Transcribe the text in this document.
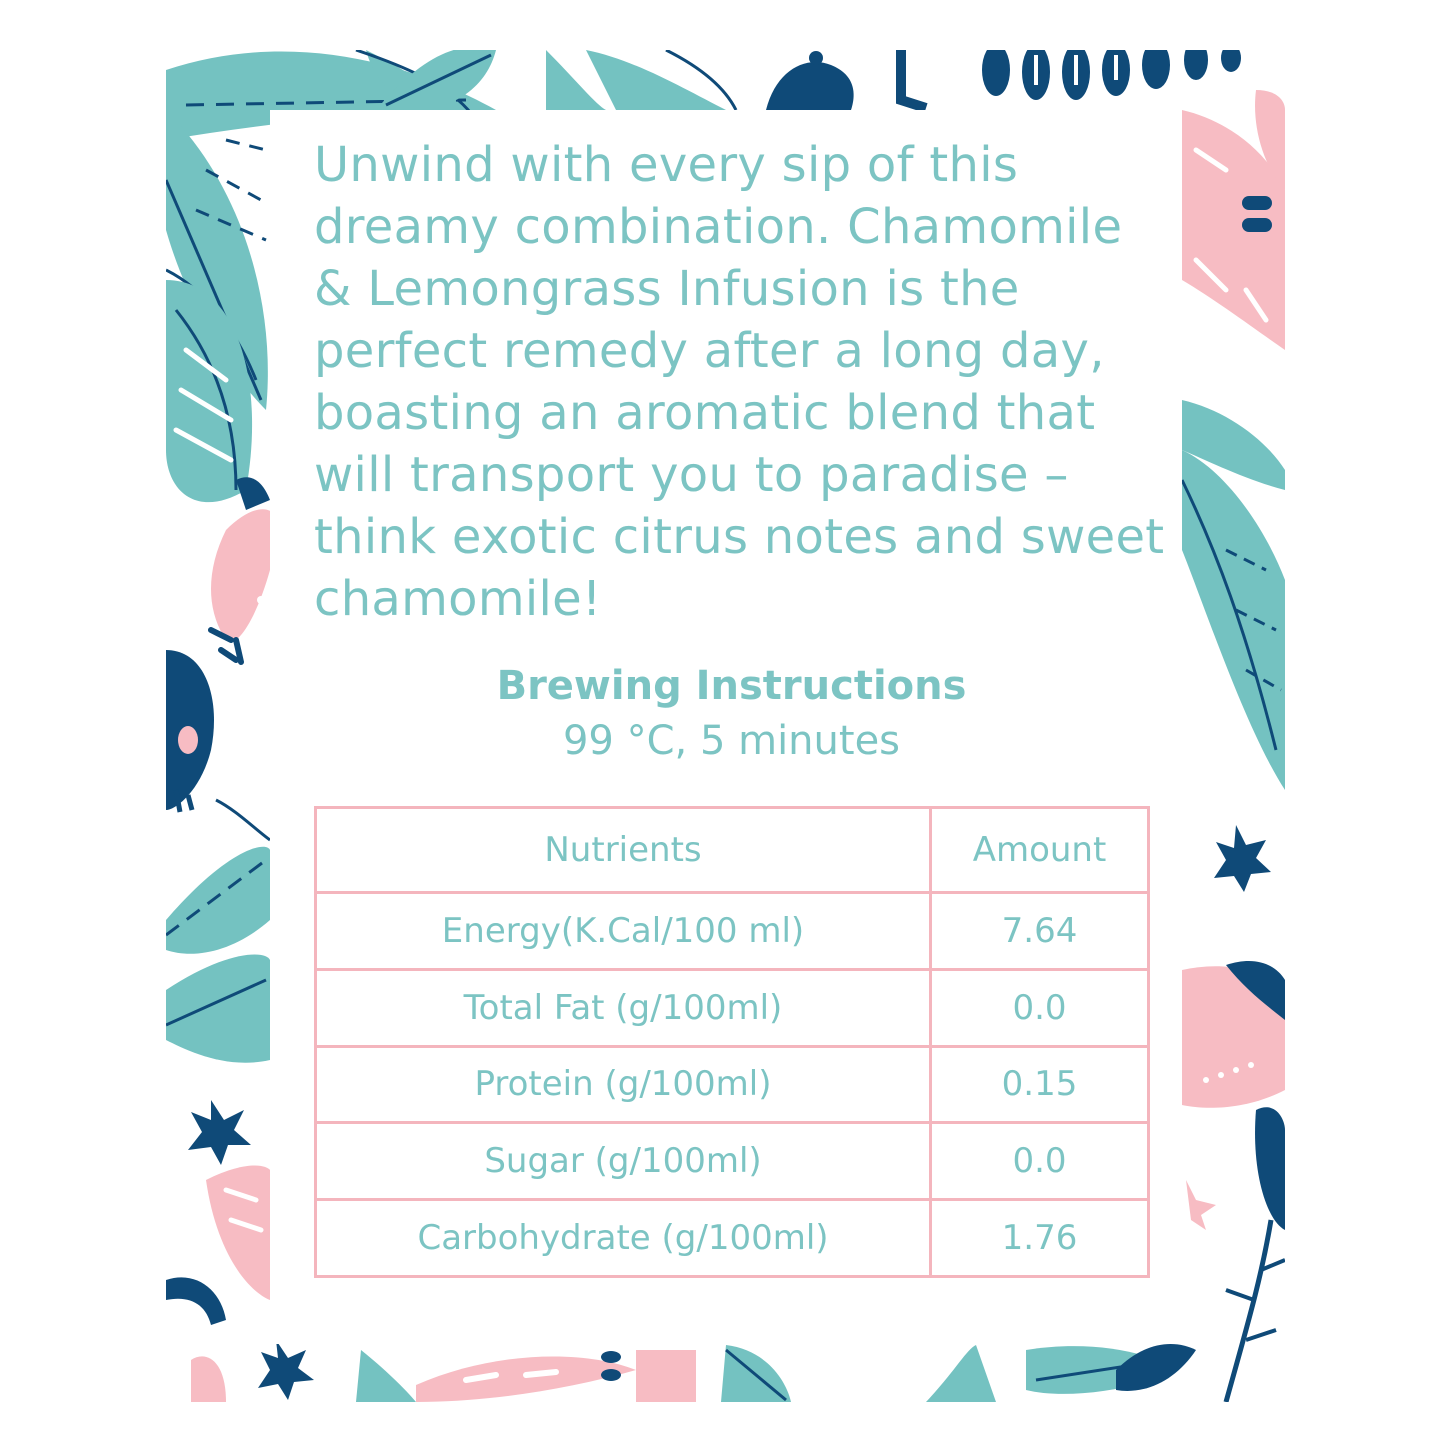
Unwind with every sip of this dreamy combination. Chamomile & Lemongrass Infusion is the perfect remedy after a long day, boasting an aromatic blend that will transport you to paradise – think exotic citrus notes and sweet chamomile!

Brewing Instructions
99 °C, 5 minutes
Nutrients	Amount
Energy(K.Cal/100 ml)	7.64
Total Fat (g/100ml)	0.0
Protein (g/100ml)	0.15
Sugar (g/100ml)	0.0
Carbohydrate (g/100ml)	1.76
